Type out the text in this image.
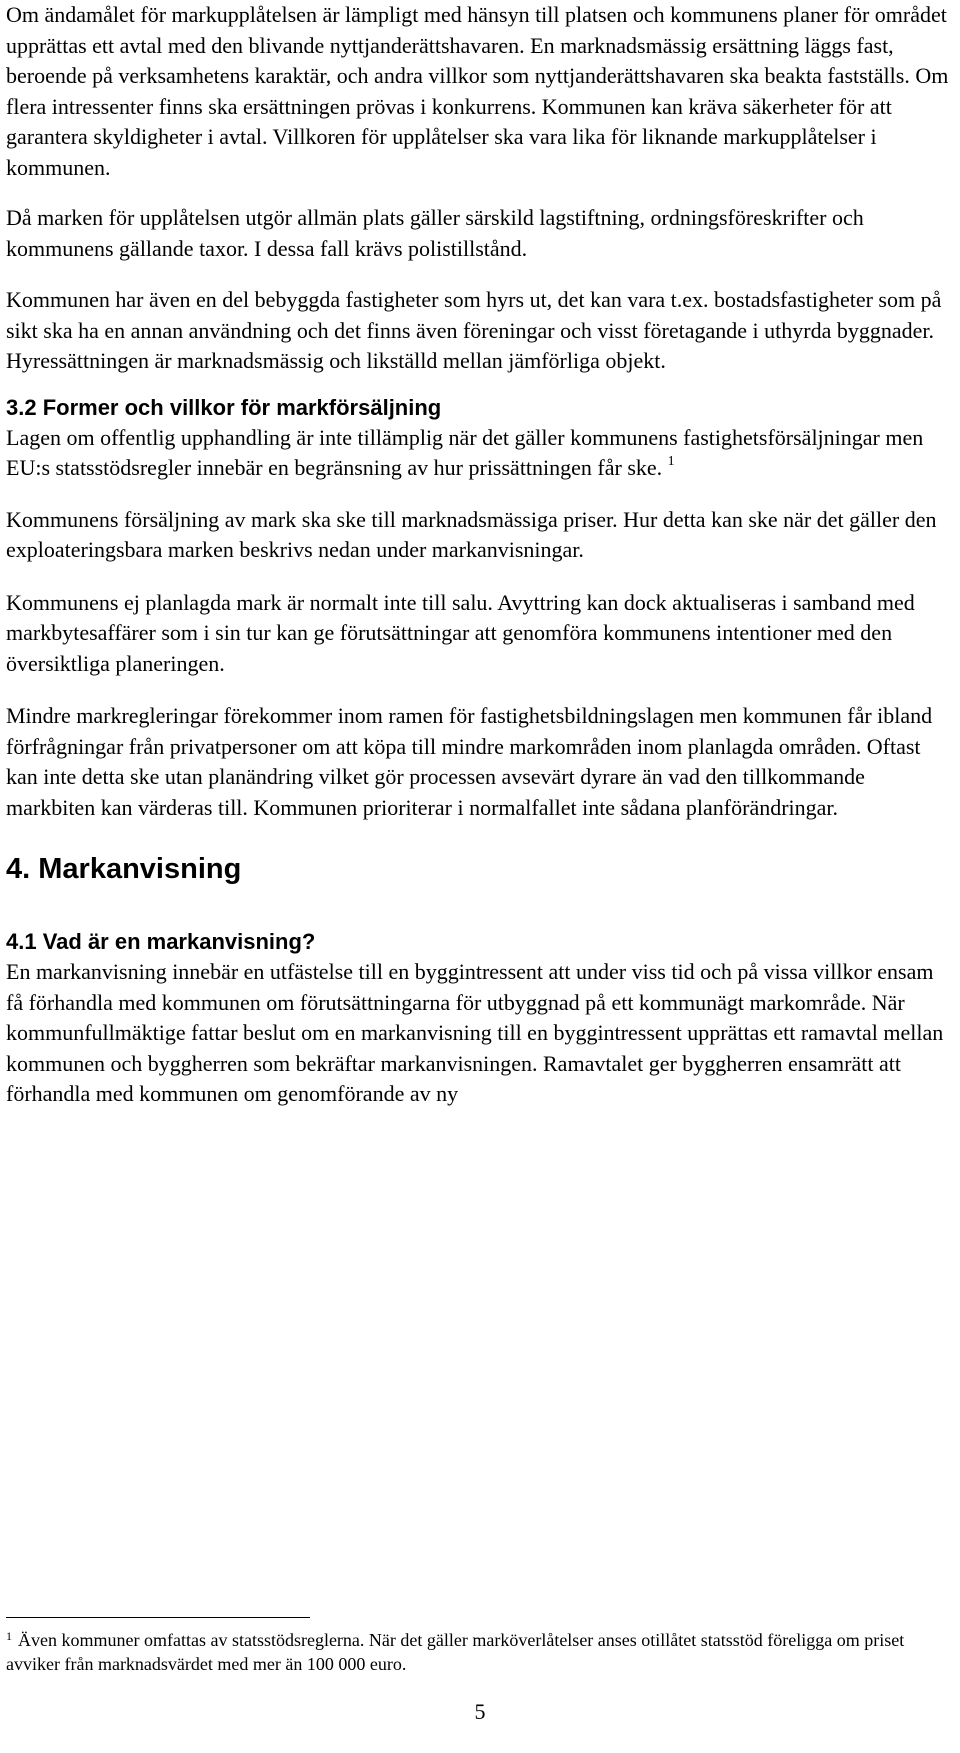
Om ändamålet för markupplåtelsen är lämpligt med hänsyn till platsen och kommunens planer för området upprättas ett avtal med den blivande nyttjanderättshavaren. En marknadsmässig ersättning läggs fast, beroende på verksamhetens karaktär, och andra villkor som nyttjanderättshavaren ska beakta fastställs. Om flera intressenter finns ska ersättningen prövas i konkurrens. Kommunen kan kräva säkerheter för att garantera skyldigheter i avtal. Villkoren för upplåtelser ska vara lika för liknande markupplåtelser i kommunen.

Då marken för upplåtelsen utgör allmän plats gäller särskild lagstiftning, ordningsföreskrifter och kommunens gällande taxor. I dessa fall krävs polistillstånd.

Kommunen har även en del bebyggda fastigheter som hyrs ut, det kan vara t.ex. bostadsfastigheter som på sikt ska ha en annan användning och det finns även föreningar och visst företagande i uthyrda byggnader. Hyressättningen är marknadsmässig och likställd mellan jämförliga objekt.

3.2 Former och villkor för markförsäljning

Lagen om offentlig upphandling är inte tillämplig när det gäller kommunens fastighetsförsäljningar men EU:s statsstödsregler innebär en begränsning av hur prissättningen får ske. $^1$

Kommunens försäljning av mark ska ske till marknadsmässiga priser. Hur detta kan ske när det gäller den exploateringsbara marken beskrivs nedan under markanvisningar.

Kommunens ej planlagda mark är normalt inte till salu. Avyttring kan dock aktualiseras i samband med markbytesaffärer som i sin tur kan ge förutsättningar att genomföra kommunens intentioner med den översiktliga planeringen.

Mindre markregleringar förekommer inom ramen för fastighetsbildningslagen men kommunen får ibland förfrågningar från privatpersoner om att köpa till mindre markområden inom planlagda områden. Oftast kan inte detta ske utan planändring vilket gör processen avsevärt dyrare än vad den tillkommande markbiten kan värderas till. Kommunen prioriterar i normalfallet inte sådana planförändringar.

4. Markanvisning
4.1 Vad är en markanvisning?

En markanvisning innebär en utfästelse till en byggintressent att under viss tid och på vissa villkor ensam få förhandla med kommunen om förutsättningarna för utbyggnad på ett kommunägt markområde. När kommunfullmäktige fattar beslut om en markanvisning till en byggintressent upprättas ett ramavtal mellan kommunen och byggherren som bekräftar markanvisningen. Ramavtalet ger byggherren ensamrätt att förhandla med kommunen om genomförande av ny

$^1$ Även kommuner omfattas av statsstödsreglerna. När det gäller marköverlåtelser anses otillåtet statsstöd föreligga om priset avviker från marknadsvärdet med mer än 100 000 euro.
5
